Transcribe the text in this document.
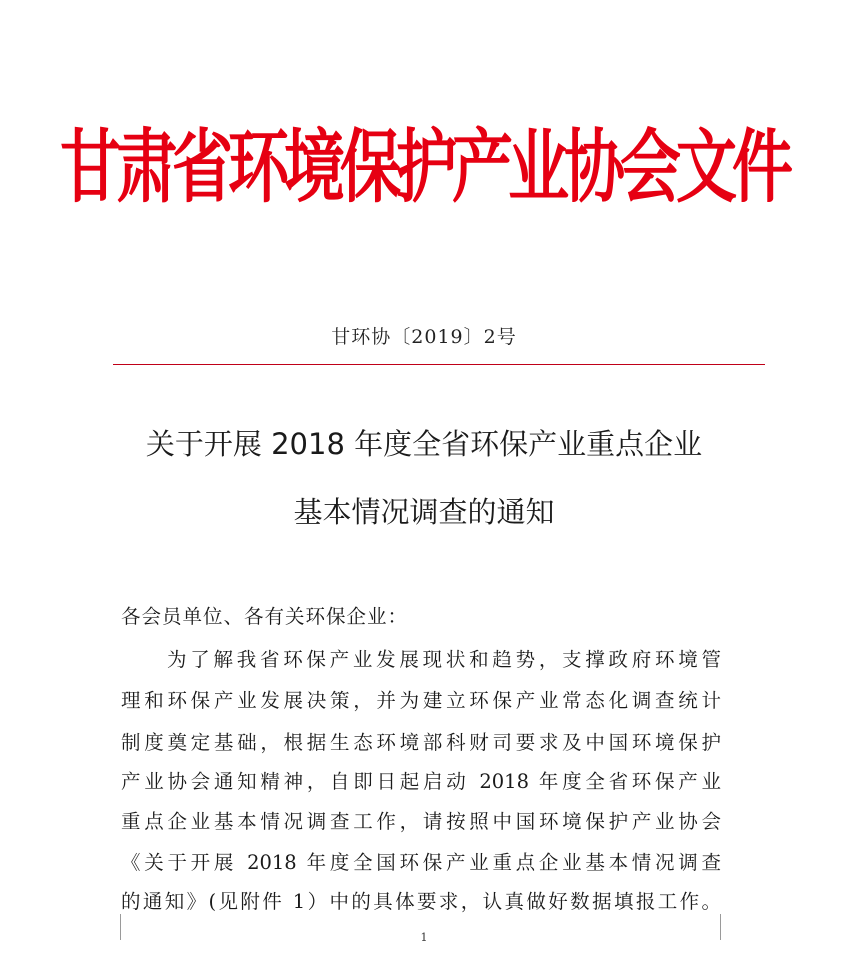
甘肃省环境保护产业协会文件
甘环协〔2019〕2号
关于开展 2018 年度全省环保产业重点企业
基本情况调查的通知
各会员单位、各有关环保企业：
为了解我省环保产业发展现状和趋势，支撑政府环境管
理和环保产业发展决策，并为建立环保产业常态化调查统计
制度奠定基础，根据生态环境部科财司要求及中国环境保护
产业协会通知精神，自即日起启动 2018 年度全省环保产业
重点企业基本情况调查工作，请按照中国环境保护产业协会
《关于开展 2018 年度全国环保产业重点企业基本情况调查
的通知》(见附件 1）中的具体要求，认真做好数据填报工作。
1
